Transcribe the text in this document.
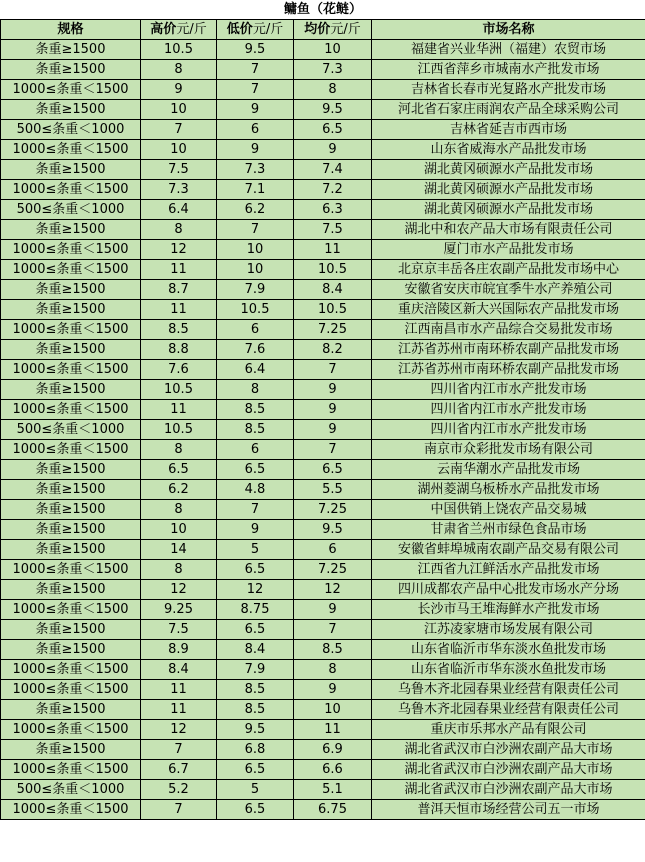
鳙鱼（花鲢）				
规格	高价元/斤	低价元/斤	均价元/斤	市场名称
条重≥1500	10.5	9.5	10	福建省兴业华洲（福建）农贸市场
条重≥1500	8	7	7.3	江西省萍乡市城南水产批发市场
1000≤条重＜1500	9	7	8	吉林省长春市光复路水产批发市场
条重≥1500	10	9	9.5	河北省石家庄雨润农产品全球采购公司
500≤条重＜1000	7	6	6.5	吉林省延吉市西市场
1000≤条重＜1500	10	9	9	山东省威海水产品批发市场
条重≥1500	7.5	7.3	7.4	湖北黄冈硕源水产品批发市场
1000≤条重＜1500	7.3	7.1	7.2	湖北黄冈硕源水产品批发市场
500≤条重＜1000	6.4	6.2	6.3	湖北黄冈硕源水产品批发市场
条重≥1500	8	7	7.5	湖北中和农产品大市场有限责任公司
1000≤条重＜1500	12	10	11	厦门市水产品批发市场
1000≤条重＜1500	11	10	10.5	北京京丰岳各庄农副产品批发市场中心
条重≥1500	8.7	7.9	8.4	安徽省安庆市皖宜季牛水产养殖公司
条重≥1500	11	10.5	10.5	重庆涪陵区新大兴国际农产品批发市场
1000≤条重＜1500	8.5	6	7.25	江西南昌市水产品综合交易批发市场
条重≥1500	8.8	7.6	8.2	江苏省苏州市南环桥农副产品批发市场
1000≤条重＜1500	7.6	6.4	7	江苏省苏州市南环桥农副产品批发市场
条重≥1500	10.5	8	9	四川省内江市水产批发市场
1000≤条重＜1500	11	8.5	9	四川省内江市水产批发市场
500≤条重＜1000	10.5	8.5	9	四川省内江市水产批发市场
1000≤条重＜1500	8	6	7	南京市众彩批发市场有限公司
条重≥1500	6.5	6.5	6.5	云南华潮水产品批发市场
条重≥1500	6.2	4.8	5.5	湖州菱湖乌板桥水产品批发市场
条重≥1500	8	7	7.25	中国供销上饶农产品交易城
条重≥1500	10	9	9.5	甘肃省兰州市绿色食品市场
条重≥1500	14	5	6	安徽省蚌埠城南农副产品交易有限公司
1000≤条重＜1500	8	6.5	7.25	江西省九江鲜活水产品批发市场
条重≥1500	12	12	12	四川成都农产品中心批发市场水产分场
1000≤条重＜1500	9.25	8.75	9	长沙市马王堆海鲜水产批发市场
条重≥1500	7.5	6.5	7	江苏凌家塘市场发展有限公司
条重≥1500	8.9	8.4	8.5	山东省临沂市华东淡水鱼批发市场
1000≤条重＜1500	8.4	7.9	8	山东省临沂市华东淡水鱼批发市场
1000≤条重＜1500	11	8.5	9	乌鲁木齐北园春果业经营有限责任公司
条重≥1500	11	8.5	10	乌鲁木齐北园春果业经营有限责任公司
1000≤条重＜1500	12	9.5	11	重庆市乐邦水产品有限公司
条重≥1500	7	6.8	6.9	湖北省武汉市白沙洲农副产品大市场
1000≤条重＜1500	6.7	6.5	6.6	湖北省武汉市白沙洲农副产品大市场
500≤条重＜1000	5.2	5	5.1	湖北省武汉市白沙洲农副产品大市场
1000≤条重＜1500	7	6.5	6.75	普洱天恒市场经营公司五一市场
